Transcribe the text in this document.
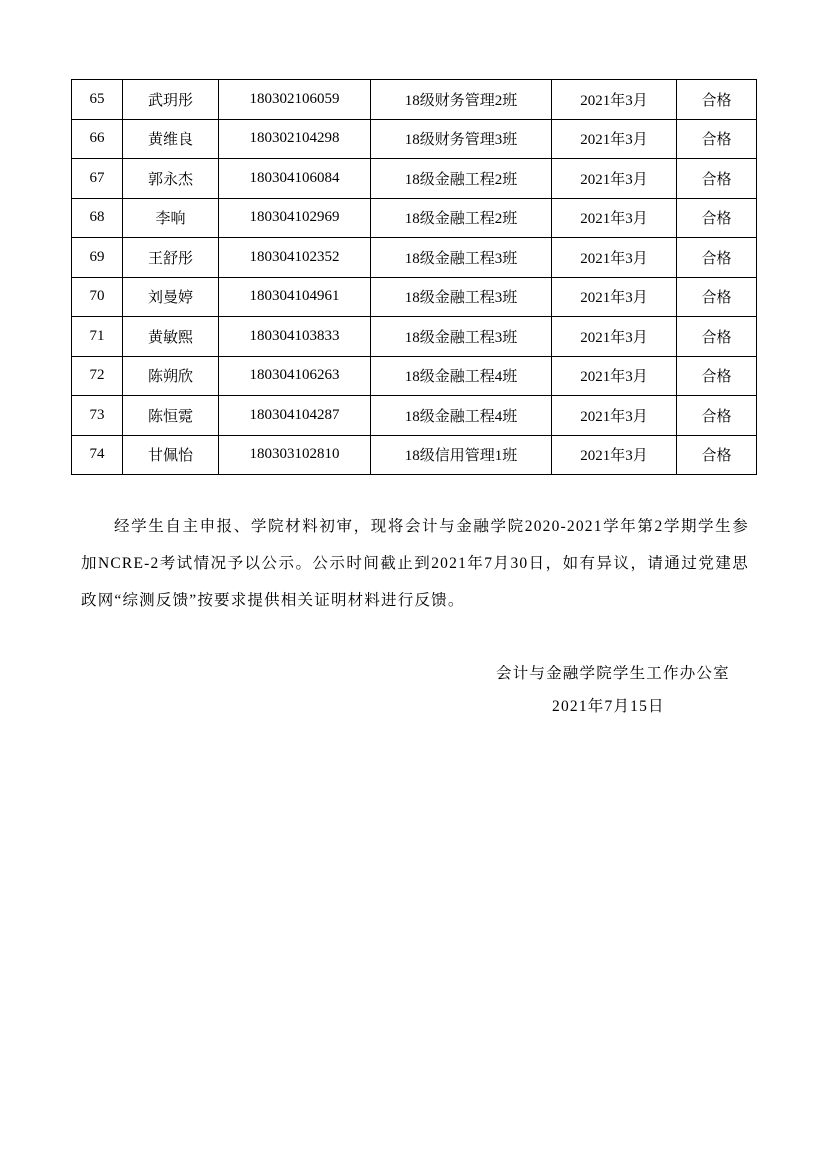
65	武玥彤	180302106059	18级财务管理2班	2021年3月	合格
66	黄维良	180302104298	18级财务管理3班	2021年3月	合格
67	郭永杰	180304106084	18级金融工程2班	2021年3月	合格
68	李响	180304102969	18级金融工程2班	2021年3月	合格
69	王舒彤	180304102352	18级金融工程3班	2021年3月	合格
70	刘曼婷	180304104961	18级金融工程3班	2021年3月	合格
71	黄敏熙	180304103833	18级金融工程3班	2021年3月	合格
72	陈朔欣	180304106263	18级金融工程4班	2021年3月	合格
73	陈恒霓	180304104287	18级金融工程4班	2021年3月	合格
74	甘佩怡	180303102810	18级信用管理1班	2021年3月	合格

经学生自主申报、学院材料初审，现将会计与金融学院2020-2021学年第2学期学生参加NCRE-2考试情况予以公示。公示时间截止到2021年7月30日，如有异议，请通过党建思政网“综测反馈”按要求提供相关证明材料进行反馈。

会计与金融学院学生工作办公室

2021年7月15日
